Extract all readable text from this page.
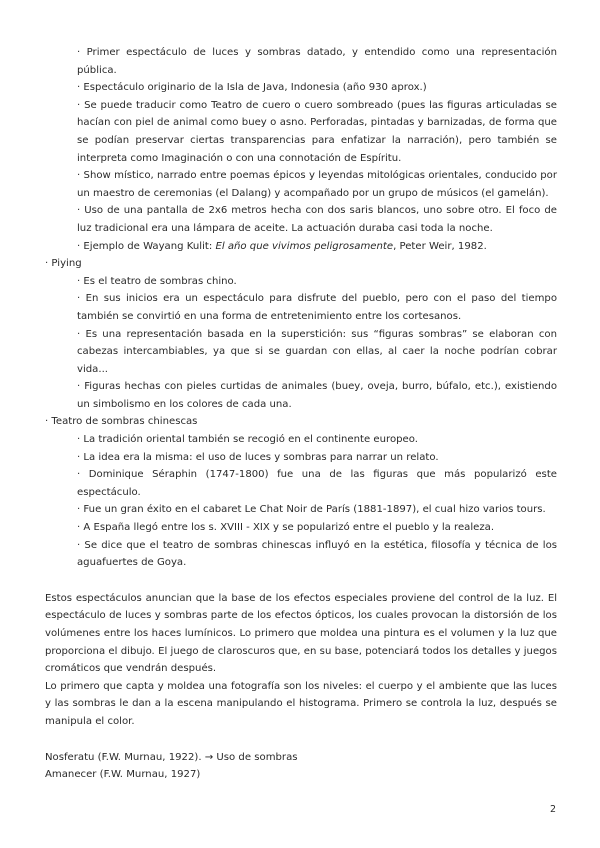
· Primer espectáculo de luces y sombras datado, y entendido como una representación pública.
· Espectáculo originario de la Isla de Java, Indonesia (año 930 aprox.)
· Se puede traducir como Teatro de cuero o cuero sombreado (pues las figuras articuladas se hacían con piel de animal como buey o asno. Perforadas, pintadas y barnizadas, de forma que se podían preservar ciertas transparencias para enfatizar la narración), pero también se interpreta como Imaginación o con una connotación de Espíritu.
· Show místico, narrado entre poemas épicos y leyendas mitológicas orientales, conducido por un maestro de ceremonias (el Dalang) y acompañado por un grupo de músicos (el gamelán).
· Uso de una pantalla de 2x6 metros hecha con dos saris blancos, uno sobre otro. El foco de luz tradicional era una lámpara de aceite. La actuación duraba casi toda la noche.
· Ejemplo de Wayang Kulit: El año que vivimos peligrosamente, Peter Weir, 1982.
· Piying
· Es el teatro de sombras chino.
· En sus inicios era un espectáculo para disfrute del pueblo, pero con el paso del tiempo también se convirtió en una forma de entretenimiento entre los cortesanos.
· Es una representación basada en la superstición: sus “figuras sombras” se elaboran con cabezas intercambiables, ya que si se guardan con ellas, al caer la noche podrían cobrar vida...
· Figuras hechas con pieles curtidas de animales (buey, oveja, burro, búfalo, etc.), existiendo un simbolismo en los colores de cada una.
· Teatro de sombras chinescas
· La tradición oriental también se recogió en el continente europeo.
· La idea era la misma: el uso de luces y sombras para narrar un relato.
· Dominique Séraphin (1747-1800) fue una de las figuras que más popularizó este espectáculo.
· Fue un gran éxito en el cabaret Le Chat Noir de París (1881-1897), el cual hizo varios tours.
· A España llegó entre los s. XVIII - XIX y se popularizó entre el pueblo y la realeza.
· Se dice que el teatro de sombras chinescas influyó en la estética, filosofía y técnica de los aguafuertes de Goya.
Estos espectáculos anuncian que la base de los efectos especiales proviene del control de la luz. El espectáculo de luces y sombras parte de los efectos ópticos, los cuales provocan la distorsión de los volúmenes entre los haces lumínicos. Lo primero que moldea una pintura es el volumen y la luz que proporciona el dibujo. El juego de claroscuros que, en su base, potenciará todos los detalles y juegos cromáticos que vendrán después.
Lo primero que capta y moldea una fotografía son los niveles: el cuerpo y el ambiente que las luces y las sombras le dan a la escena manipulando el histograma. Primero se controla la luz, después se manipula el color.
Nosferatu (F.W. Murnau, 1922). → Uso de sombras
Amanecer (F.W. Murnau, 1927)
2
